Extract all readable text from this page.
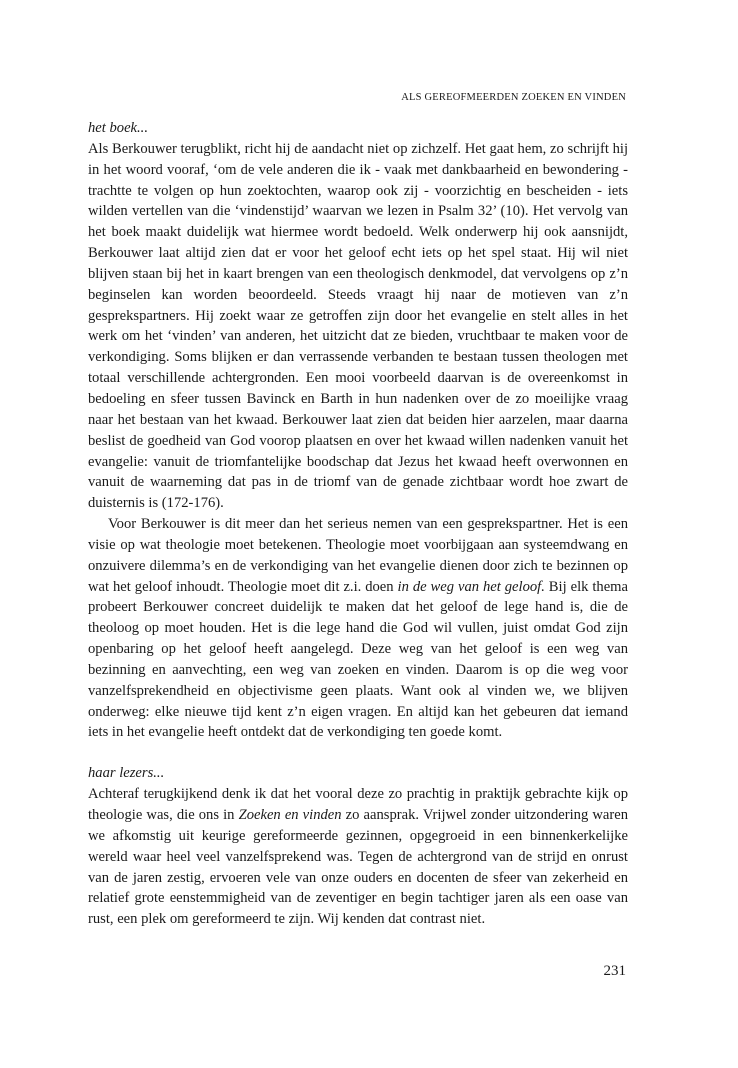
ALS GEREOFMEERDEN ZOEKEN EN VINDEN

het boek...

Als Berkouwer terugblikt, richt hij de aandacht niet op zichzelf. Het gaat hem, zo schrijft hij in het woord vooraf, ‘om de vele anderen die ik - vaak met dankbaarheid en bewondering - trachtte te volgen op hun zoektochten, waarop ook zij - voorzichtig en bescheiden - iets wilden vertellen van die ‘vindenstijd’ waarvan we lezen in Psalm 32’ (10). Het vervolg van het boek maakt duidelijk wat hiermee wordt bedoeld. Welk onderwerp hij ook aansnijdt, Berkouwer laat altijd zien dat er voor het geloof echt iets op het spel staat. Hij wil niet blijven staan bij het in kaart brengen van een theologisch denkmodel, dat vervolgens op z’n beginselen kan worden beoordeeld. Steeds vraagt hij naar de motieven van z’n gesprekspartners. Hij zoekt waar ze getroffen zijn door het evangelie en stelt alles in het werk om het ‘vinden’ van anderen, het uitzicht dat ze bieden, vruchtbaar te maken voor de verkondiging. Soms blijken er dan verrassende verbanden te bestaan tussen theologen met totaal verschillende achtergronden. Een mooi voorbeeld daarvan is de overeenkomst in bedoeling en sfeer tussen Bavinck en Barth in hun nadenken over de zo moeilijke vraag naar het bestaan van het kwaad. Berkouwer laat zien dat beiden hier aarzelen, maar daarna beslist de goedheid van God voorop plaatsen en over het kwaad willen nadenken vanuit het evangelie: vanuit de triomfantelijke boodschap dat Jezus het kwaad heeft overwonnen en vanuit de waarneming dat pas in de triomf van de genade zichtbaar wordt hoe zwart de duisternis is (172-176).

Voor Berkouwer is dit meer dan het serieus nemen van een gesprekspartner. Het is een visie op wat theologie moet betekenen. Theologie moet voorbijgaan aan systeemdwang en onzuivere dilemma’s en de verkondiging van het evangelie dienen door zich te bezinnen op wat het geloof inhoudt. Theologie moet dit z.i. doen in de weg van het geloof. Bij elk thema probeert Berkouwer concreet duidelijk te maken dat het geloof de lege hand is, die de theoloog op moet houden. Het is die lege hand die God wil vullen, juist omdat God zijn openbaring op het geloof heeft aangelegd. Deze weg van het geloof is een weg van bezinning en aanvechting, een weg van zoeken en vinden. Daarom is op die weg voor vanzelfsprekendheid en objectivisme geen plaats. Want ook al vinden we, we blijven onderweg: elke nieuwe tijd kent z’n eigen vragen. En altijd kan het gebeuren dat iemand iets in het evangelie heeft ontdekt dat de verkondiging ten goede komt.

haar lezers...

Achteraf terugkijkend denk ik dat het vooral deze zo prachtig in praktijk gebrachte kijk op theologie was, die ons in Zoeken en vinden zo aansprak. Vrijwel zonder uitzondering waren we afkomstig uit keurige gereformeerde gezinnen, opgegroeid in een binnenkerkelijke wereld waar heel veel vanzelfsprekend was. Tegen de achtergrond van de strijd en onrust van de jaren zestig, ervoeren vele van onze ouders en docenten de sfeer van zekerheid en relatief grote eenstemmigheid van de zeventiger en begin tachtiger jaren als een oase van rust, een plek om gereformeerd te zijn. Wij kenden dat contrast niet.

231
